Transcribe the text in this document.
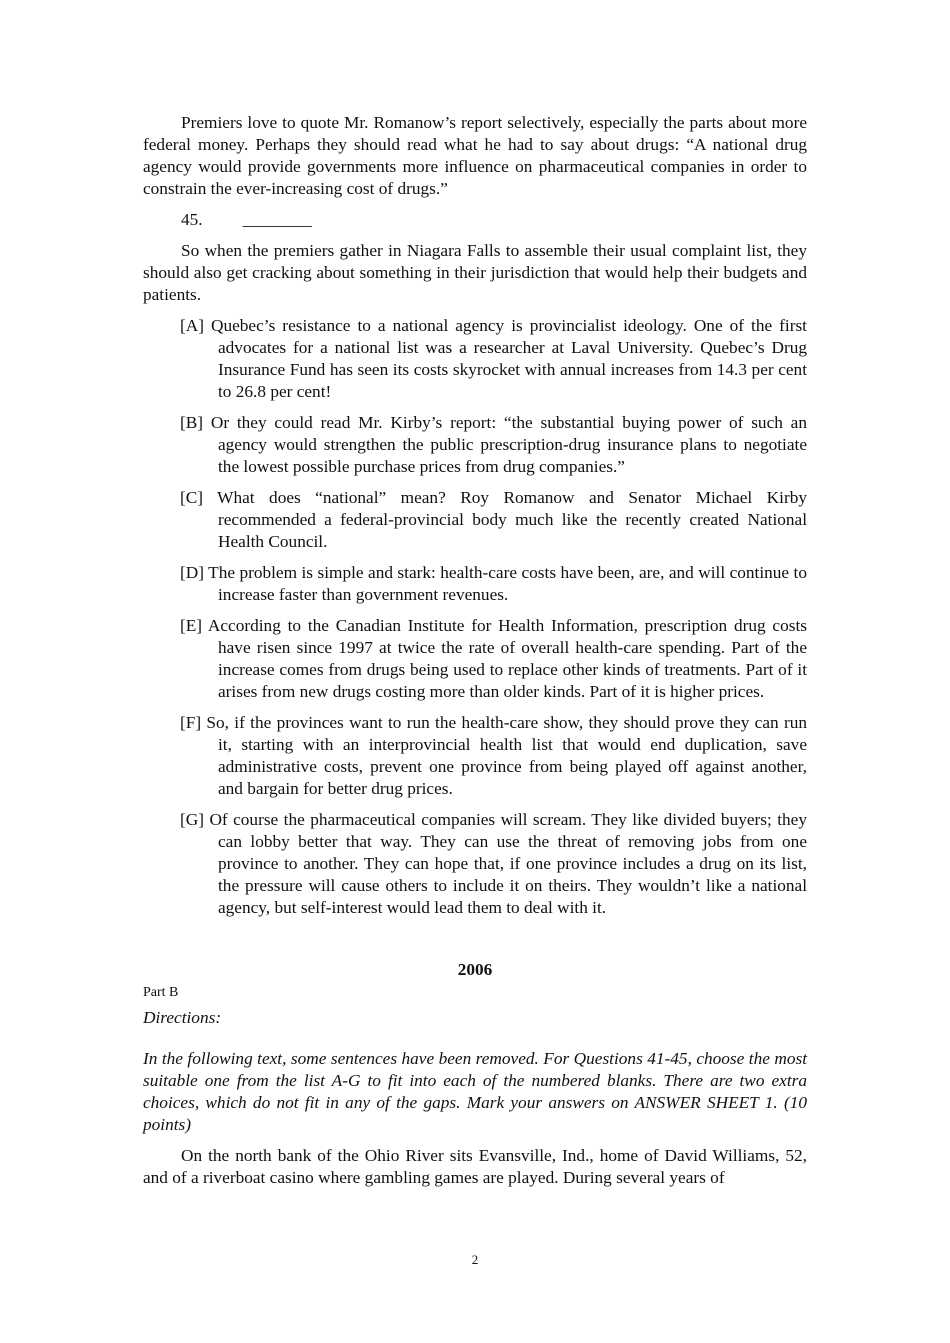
Premiers love to quote Mr. Romanow’s report selectively, especially the parts about more federal money. Perhaps they should read what he had to say about drugs: “A national drug agency would provide governments more influence on pharmaceutical companies in order to constrain the ever-increasing cost of drugs.”

45. ________

So when the premiers gather in Niagara Falls to assemble their usual complaint list, they should also get cracking about something in their jurisdiction that would help their budgets and patients.

[A] Quebec’s resistance to a national agency is provincialist ideology. One of the first advocates for a national list was a researcher at Laval University. Quebec’s Drug Insurance Fund has seen its costs skyrocket with annual increases from 14.3 per cent to 26.8 per cent!

[B] Or they could read Mr. Kirby’s report: “the substantial buying power of such an agency would strengthen the public prescription-drug insurance plans to negotiate the lowest possible purchase prices from drug companies.”

[C] What does “national” mean? Roy Romanow and Senator Michael Kirby recommended a federal-provincial body much like the recently created National Health Council.

[D] The problem is simple and stark: health-care costs have been, are, and will continue to increase faster than government revenues.

[E] According to the Canadian Institute for Health Information, prescription drug costs have risen since 1997 at twice the rate of overall health-care spending. Part of the increase comes from drugs being used to replace other kinds of treatments. Part of it arises from new drugs costing more than older kinds. Part of it is higher prices.

[F] So, if the provinces want to run the health-care show, they should prove they can run it, starting with an interprovincial health list that would end duplication, save administrative costs, prevent one province from being played off against another, and bargain for better drug prices.

[G] Of course the pharmaceutical companies will scream. They like divided buyers; they can lobby better that way. They can use the threat of removing jobs from one province to another. They can hope that, if one province includes a drug on its list, the pressure will cause others to include it on theirs. They wouldn’t like a national agency, but self-interest would lead them to deal with it.

2006

Part B

Directions:

In the following text, some sentences have been removed. For Questions 41-45, choose the most suitable one from the list A-G to fit into each of the numbered blanks. There are two extra choices, which do not fit in any of the gaps. Mark your answers on ANSWER SHEET 1. (10 points)

On the north bank of the Ohio River sits Evansville, Ind., home of David Williams, 52, and of a riverboat casino where gambling games are played. During several years of

2
